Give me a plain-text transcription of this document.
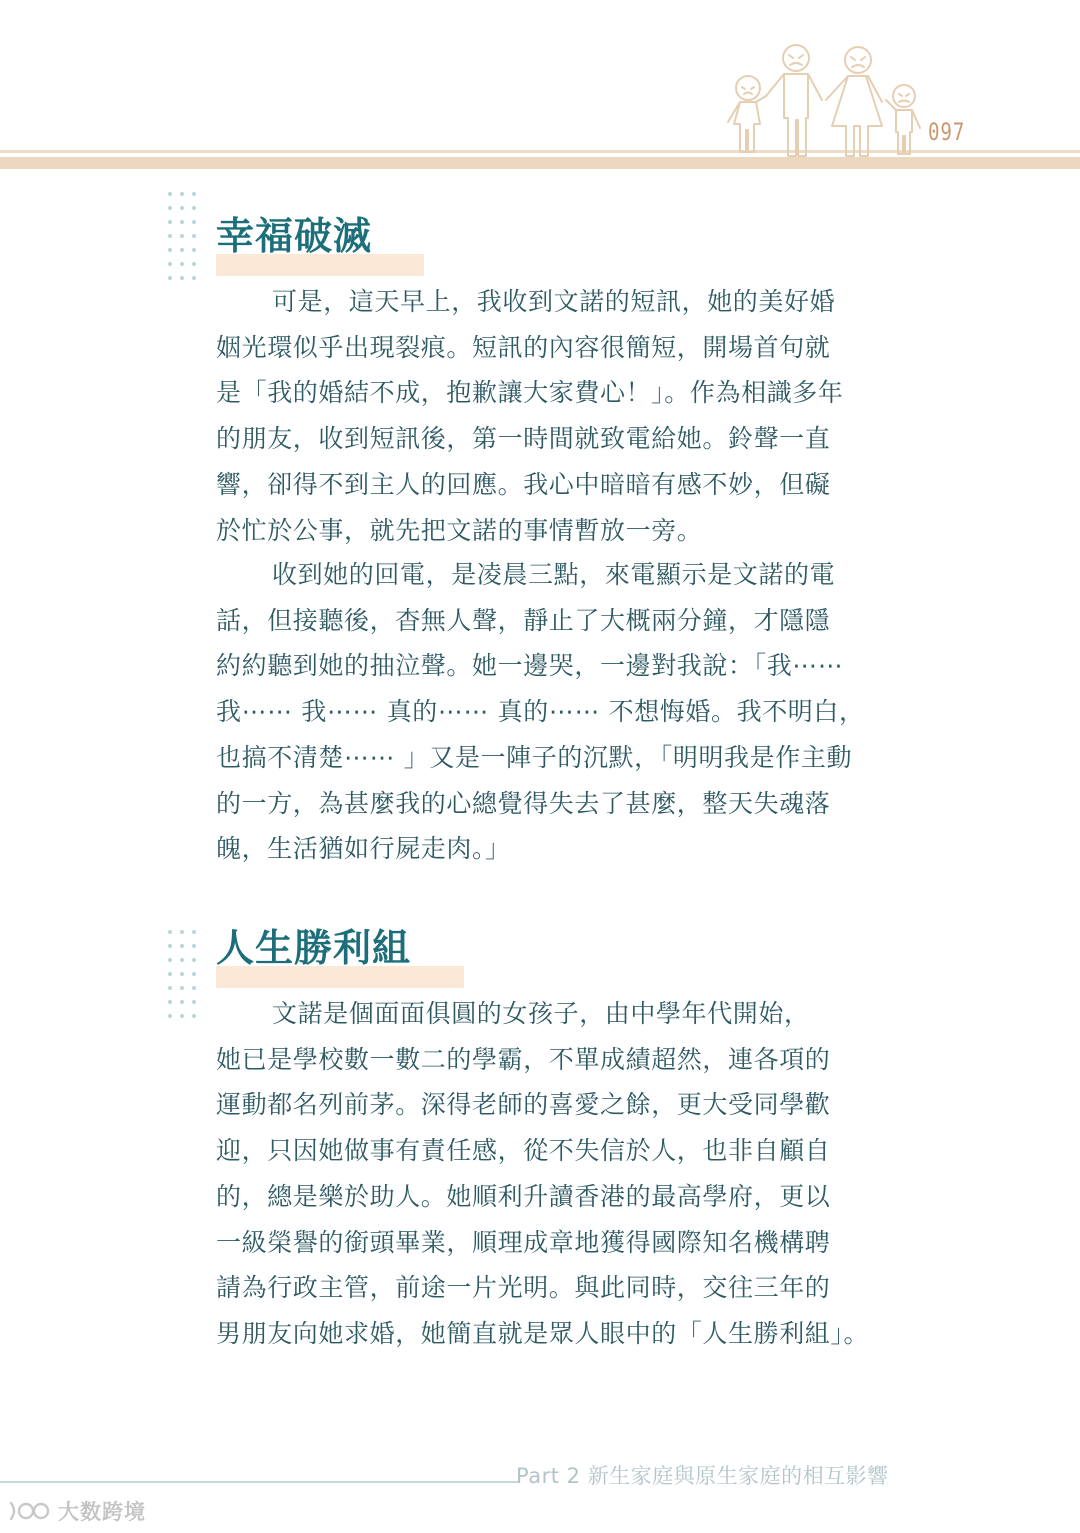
097
幸福破滅
可是，這天早上，我收到文諾的短訊，她的美好婚
姻光環似乎出現裂痕。短訊的內容很簡短，開場首句就
是「我的婚結不成，抱歉讓大家費心！」。作為相識多年
的朋友，收到短訊後，第一時間就致電給她。鈴聲一直
響，卻得不到主人的回應。我心中暗暗有感不妙，但礙
於忙於公事，就先把文諾的事情暫放一旁。
收到她的回電，是凌晨三點，來電顯示是文諾的電
話，但接聽後，杳無人聲，靜止了大概兩分鐘，才隱隱
約約聽到她的抽泣聲。她一邊哭，一邊對我說：「我⋯⋯
我⋯⋯ 我⋯⋯ 真的⋯⋯ 真的⋯⋯ 不想悔婚。我不明白，
也搞不清楚⋯⋯ 」又是一陣子的沉默，「明明我是作主動
的一方，為甚麼我的心總覺得失去了甚麼，整天失魂落
魄，生活猶如行屍走肉。」
人生勝利組
文諾是個面面俱圓的女孩子，由中學年代開始，
她已是學校數一數二的學霸，不單成績超然，連各項的
運動都名列前茅。深得老師的喜愛之餘，更大受同學歡
迎，只因她做事有責任感，從不失信於人，也非自顧自
的，總是樂於助人。她順利升讀香港的最高學府，更以
一級榮譽的銜頭畢業，順理成章地獲得國際知名機構聘
請為行政主管，前途一片光明。與此同時，交往三年的
男朋友向她求婚，她簡直就是眾人眼中的「人生勝利組」。
Part 2 新生家庭與原生家庭的相互影響
大数跨境
